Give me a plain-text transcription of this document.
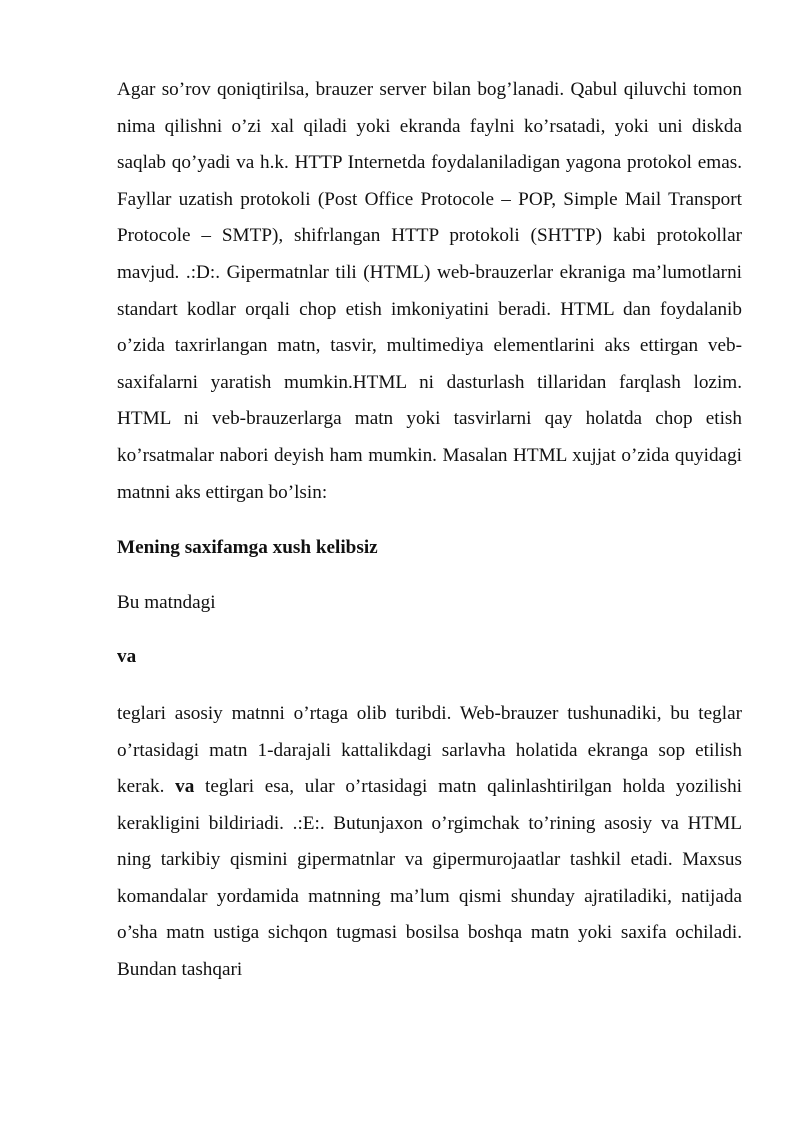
Agar so’rov qoniqtirilsa, brauzer server bilan bog’lanadi. Qabul qiluvchi tomon nima qilishni o’zi xal qiladi yoki ekranda faylni ko’rsatadi, yoki uni diskda saqlab qo’yadi va h.k. HTTP Internetda foydalaniladigan yagona protokol emas. Fayllar uzatish protokoli (Post Office Protocole – POP, Simple Mail Transport Protocole – SMTP), shifrlangan HTTP protokoli (SHTTP) kabi protokollar mavjud. .:D:. Gipermatnlar tili (HTML) web-brauzerlar ekraniga ma’lumotlarni standart kodlar orqali chop etish imkoniyatini beradi. HTML dan foydalanib o’zida taxrirlangan matn, tasvir, multimediya elementlarini aks ettirgan veb-saxifalarni yaratish mumkin.HTML ni dasturlash tillaridan farqlash lozim. HTML ni veb-brauzerlarga matn yoki tasvirlarni qay holatda chop etish ko’rsatmalar nabori deyish ham mumkin. Masalan HTML xujjat o’zida quyidagi matnni aks ettirgan bo’lsin:

Mening saxifamga xush kelibsiz

Bu matndagi

va

teglari asosiy matnni o’rtaga olib turibdi. Web-brauzer tushunadiki, bu teglar o’rtasidagi matn 1-darajali kattalikdagi sarlavha holatida ekranga sop etilish kerak. va teglari esa, ular o’rtasidagi matn qalinlashtirilgan holda yozilishi kerakligini bildiriadi. .:E:. Butunjaxon o’rgimchak to’rining asosiy va HTML ning tarkibiy qismini gipermatnlar va gipermurojaatlar tashkil etadi. Maxsus komandalar yordamida matnning ma’lum qismi shunday ajratiladiki, natijada o’sha matn ustiga sichqon tugmasi bosilsa boshqa matn yoki saxifa ochiladi. Bundan tashqari
